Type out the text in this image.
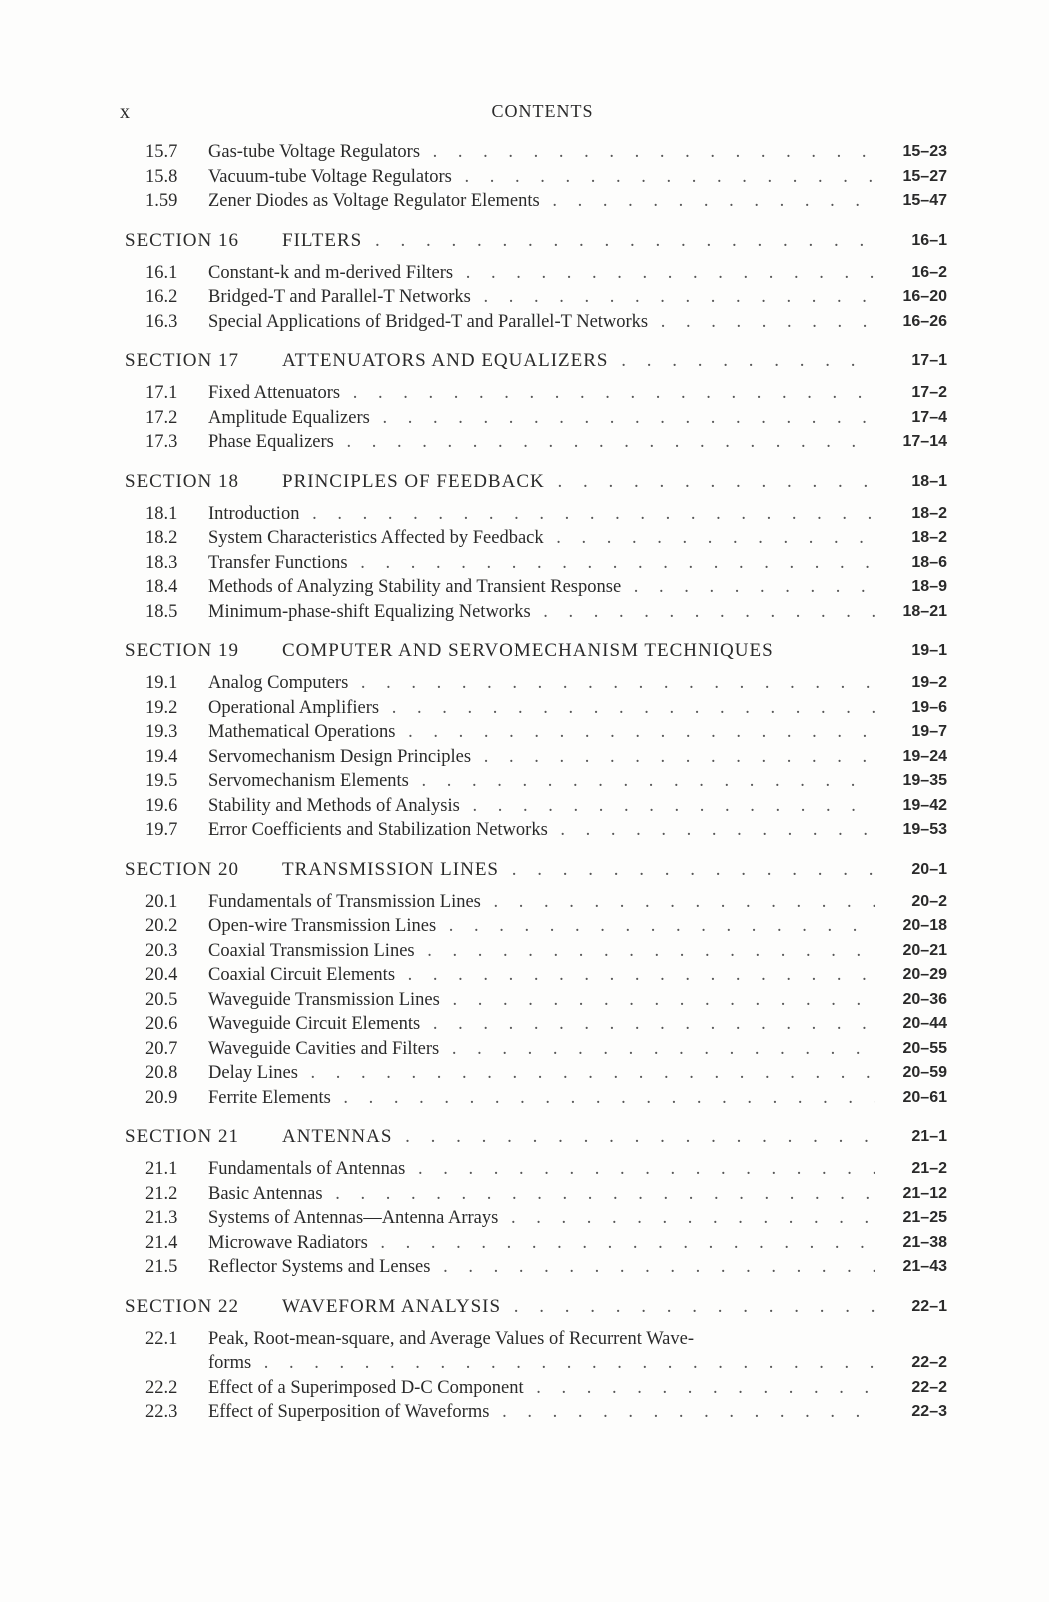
x	CONTENTS
15.7 Gas-tube Voltage Regulators . . .	15–23
15.8 Vacuum-tube Voltage Regulators . . .	15–27
1.59 Zener Diodes as Voltage Regulator Elements . . .	15–47
SECTION 16 FILTERS . . .	16–1
16.1 Constant-k and m-derived Filters . . .	16–2
16.2 Bridged-T and Parallel-T Networks . . .	16–20
16.3 Special Applications of Bridged-T and Parallel-T Networks . . .	16–26
SECTION 17 ATTENUATORS AND EQUALIZERS . . .	17–1
17.1 Fixed Attenuators . . .	17–2
17.2 Amplitude Equalizers . . .	17–4
17.3 Phase Equalizers . . .	17–14
SECTION 18 PRINCIPLES OF FEEDBACK . . .	18–1
18.1 Introduction . . .	18–2
18.2 System Characteristics Affected by Feedback . . .	18–2
18.3 Transfer Functions . . .	18–6
18.4 Methods of Analyzing Stability and Transient Response . . .	18–9
18.5 Minimum-phase-shift Equalizing Networks . . .	18–21
SECTION 19 COMPUTER AND SERVOMECHANISM TECHNIQUES	19–1
19.1 Analog Computers . . .	19–2
19.2 Operational Amplifiers . . .	19–6
19.3 Mathematical Operations . . .	19–7
19.4 Servomechanism Design Principles . . .	19–24
19.5 Servomechanism Elements . . .	19–35
19.6 Stability and Methods of Analysis . . .	19–42
19.7 Error Coefficients and Stabilization Networks . . .	19–53
SECTION 20 TRANSMISSION LINES . . .	20–1
20.1 Fundamentals of Transmission Lines . . .	20–2
20.2 Open-wire Transmission Lines . . .	20–18
20.3 Coaxial Transmission Lines . . .	20–21
20.4 Coaxial Circuit Elements . . .	20–29
20.5 Waveguide Transmission Lines . . .	20–36
20.6 Waveguide Circuit Elements . . .	20–44
20.7 Waveguide Cavities and Filters . . .	20–55
20.8 Delay Lines . . .	20–59
20.9 Ferrite Elements . . .	20–61
SECTION 21 ANTENNAS . . .	21–1
21.1 Fundamentals of Antennas . . .	21–2
21.2 Basic Antennas . . .	21–12
21.3 Systems of Antennas—Antenna Arrays . . .	21–25
21.4 Microwave Radiators . . .	21–38
21.5 Reflector Systems and Lenses . . .	21–43
SECTION 22 WAVEFORM ANALYSIS . . .	22–1
22.1 Peak, Root-mean-square, and Average Values of Recurrent Wave-
forms . . .	22–2
22.2 Effect of a Superimposed D-C Component . . .	22–2
22.3 Effect of Superposition of Waveforms . . .	22–3
